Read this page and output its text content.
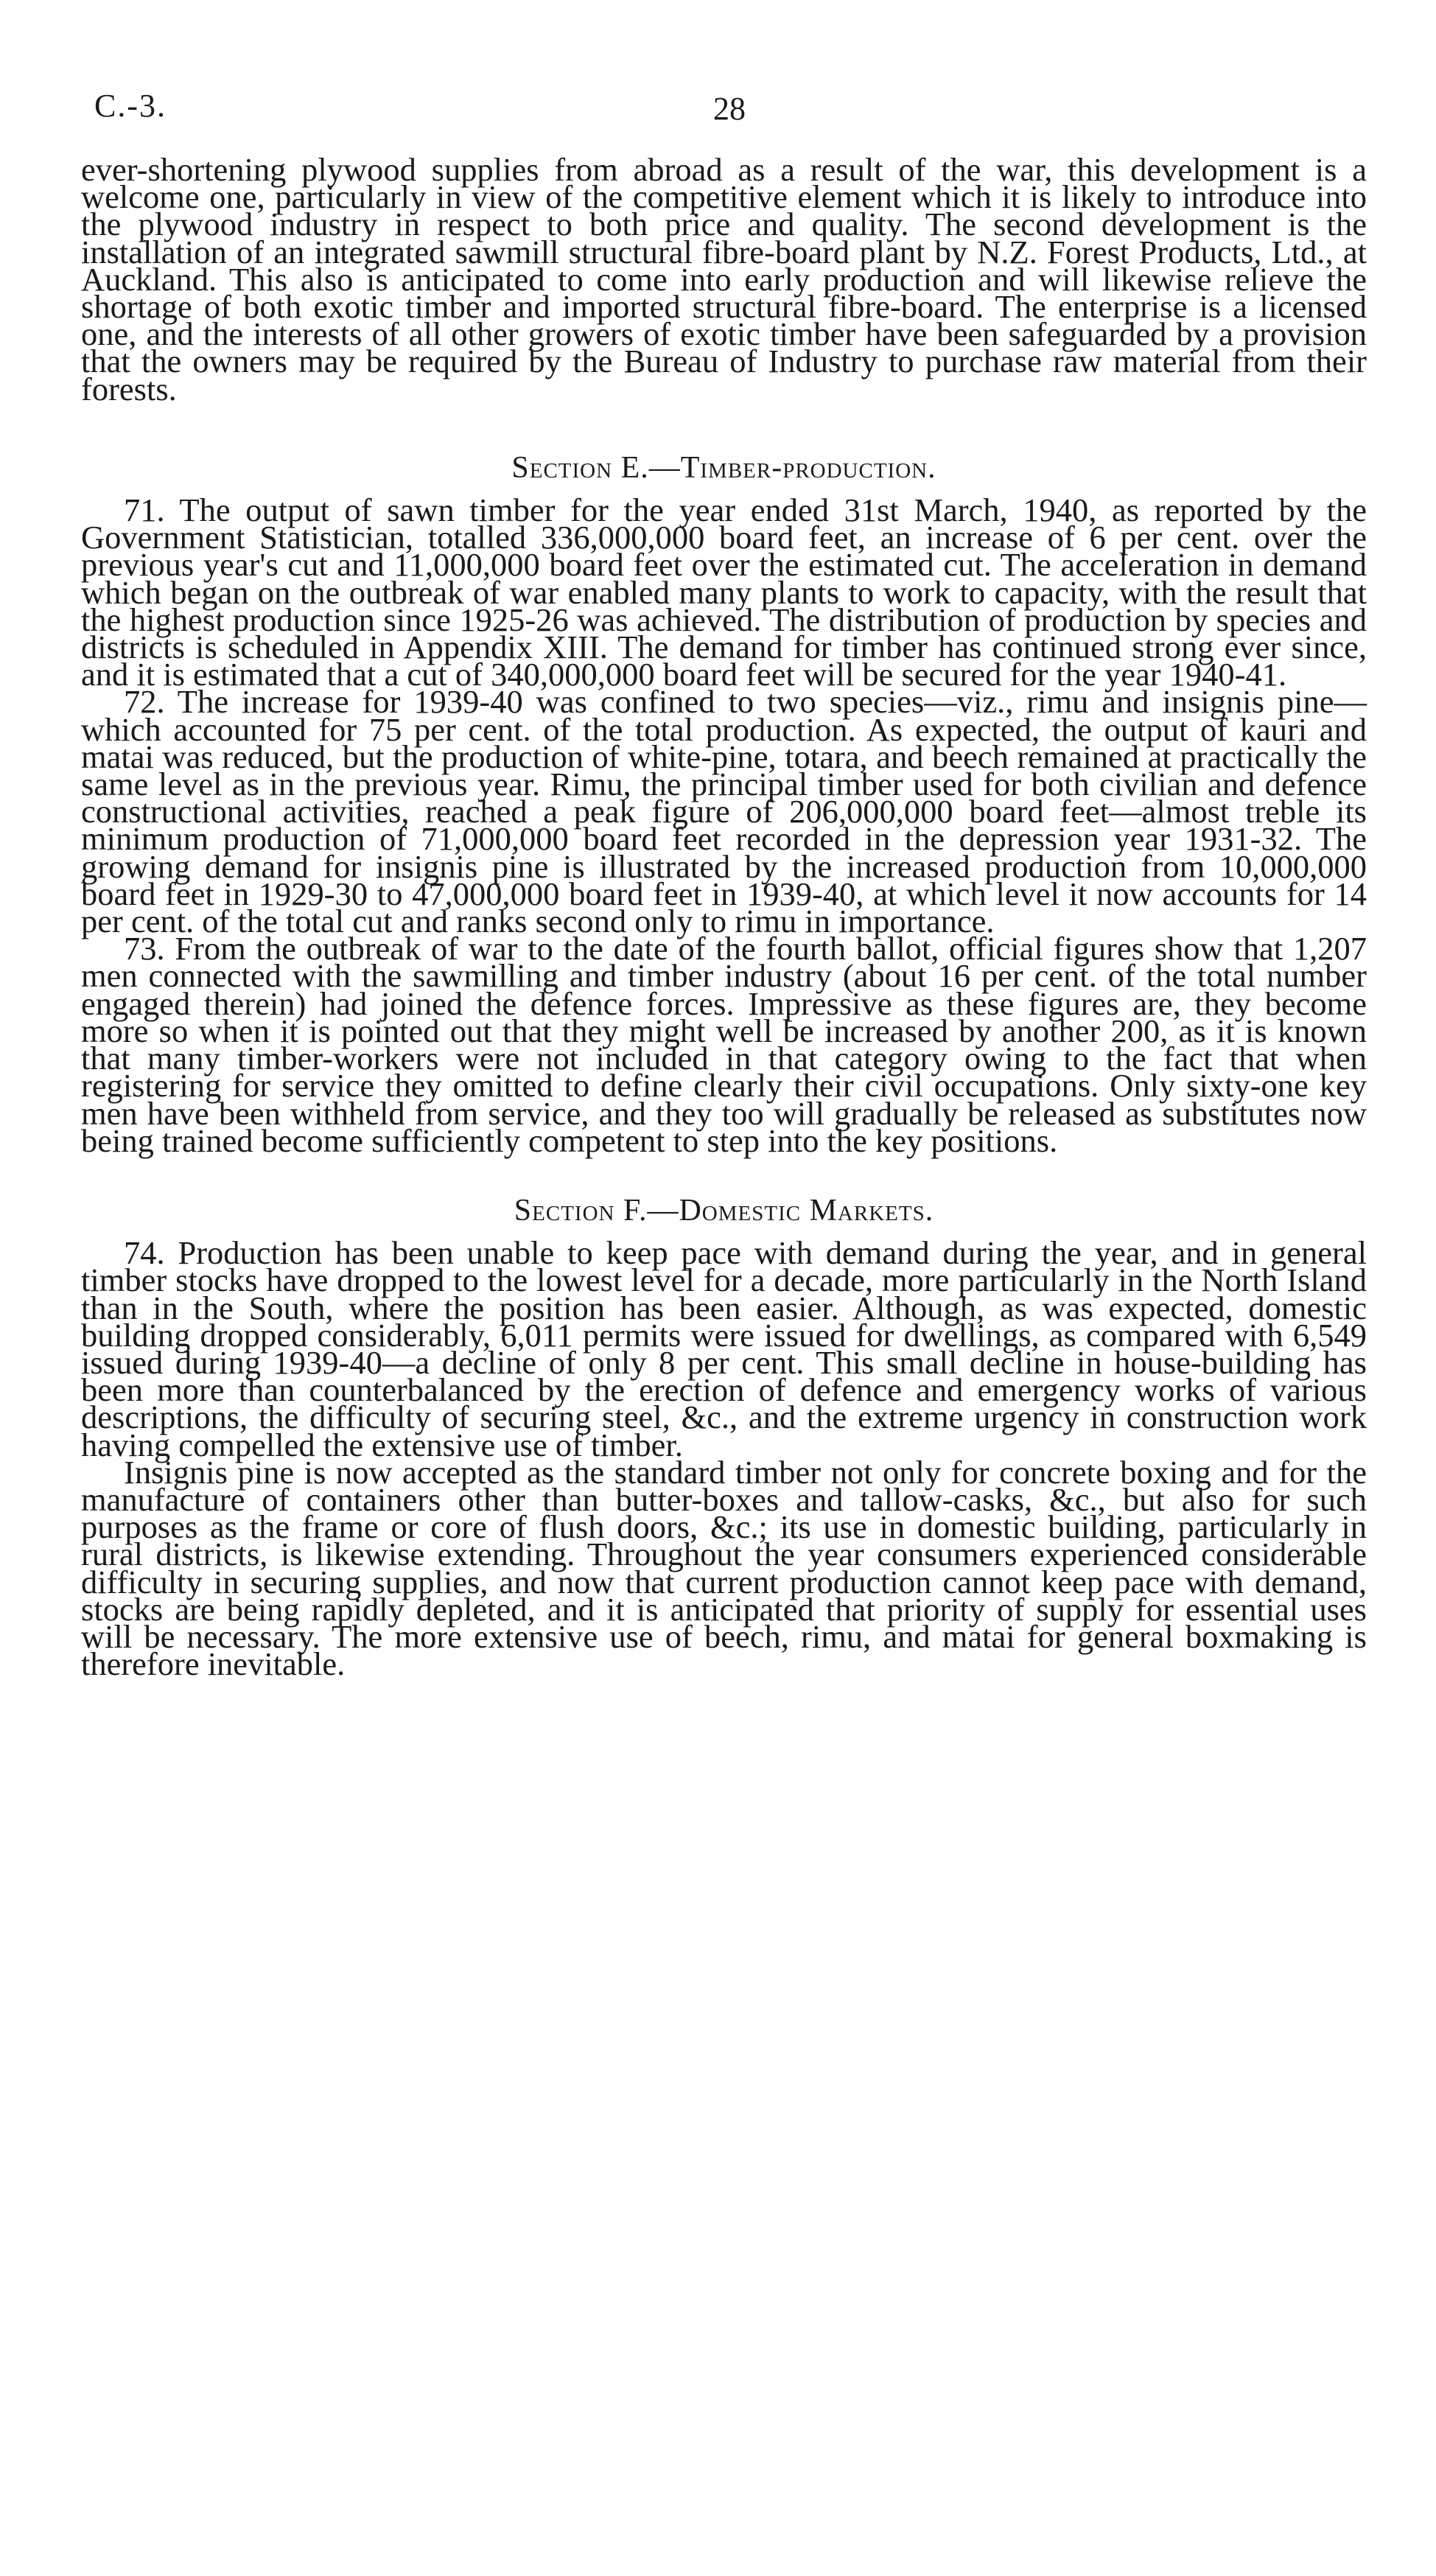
C.-3.	28

ever-shortening plywood supplies from abroad as a result of the war, this development is a welcome one, particularly in view of the competitive element which it is likely to introduce into the plywood industry in respect to both price and quality. The second development is the installation of an integrated sawmill structural fibre-board plant by N.Z. Forest Products, Ltd., at Auckland. This also is anticipated to come into early production and will likewise relieve the shortage of both exotic timber and imported structural fibre-board. The enterprise is a licensed one, and the interests of all other growers of exotic timber have been safeguarded by a provision that the owners may be required by the Bureau of Industry to purchase raw material from their forests.

Section E.—Timber-production.

71. The output of sawn timber for the year ended 31st March, 1940, as reported by the Government Statistician, totalled 336,000,000 board feet, an increase of 6 per cent. over the previous year's cut and 11,000,000 board feet over the estimated cut. The acceleration in demand which began on the outbreak of war enabled many plants to work to capacity, with the result that the highest production since 1925-26 was achieved. The distribution of production by species and districts is scheduled in Appendix XIII. The demand for timber has continued strong ever since, and it is estimated that a cut of 340,000,000 board feet will be secured for the year 1940-41.

72. The increase for 1939-40 was confined to two species—viz., rimu and insignis pine—which accounted for 75 per cent. of the total production. As expected, the output of kauri and matai was reduced, but the production of white-pine, totara, and beech remained at practically the same level as in the previous year. Rimu, the principal timber used for both civilian and defence constructional activities, reached a peak figure of 206,000,000 board feet—almost treble its minimum production of 71,000,000 board feet recorded in the depression year 1931-32. The growing demand for insignis pine is illustrated by the increased production from 10,000,000 board feet in 1929-30 to 47,000,000 board feet in 1939-40, at which level it now accounts for 14 per cent. of the total cut and ranks second only to rimu in importance.

73. From the outbreak of war to the date of the fourth ballot, official figures show that 1,207 men connected with the sawmilling and timber industry (about 16 per cent. of the total number engaged therein) had joined the defence forces. Impressive as these figures are, they become more so when it is pointed out that they might well be increased by another 200, as it is known that many timber-workers were not included in that category owing to the fact that when registering for service they omitted to define clearly their civil occupations. Only sixty-one key men have been withheld from service, and they too will gradually be released as substitutes now being trained become sufficiently competent to step into the key positions.

Section F.—Domestic Markets.

74. Production has been unable to keep pace with demand during the year, and in general timber stocks have dropped to the lowest level for a decade, more particularly in the North Island than in the South, where the position has been easier. Although, as was expected, domestic building dropped considerably, 6,011 permits were issued for dwellings, as compared with 6,549 issued during 1939-40—a decline of only 8 per cent. This small decline in house-building has been more than counterbalanced by the erection of defence and emergency works of various descriptions, the difficulty of securing steel, &c., and the extreme urgency in construction work having compelled the extensive use of timber.

Insignis pine is now accepted as the standard timber not only for concrete boxing and for the manufacture of containers other than butter-boxes and tallow-casks, &c., but also for such purposes as the frame or core of flush doors, &c.; its use in domestic building, particularly in rural districts, is likewise extending. Throughout the year consumers experienced considerable difficulty in securing supplies, and now that current production cannot keep pace with demand, stocks are being rapidly depleted, and it is anticipated that priority of supply for essential uses will be necessary. The more extensive use of beech, rimu, and matai for general boxmaking is therefore inevitable.
